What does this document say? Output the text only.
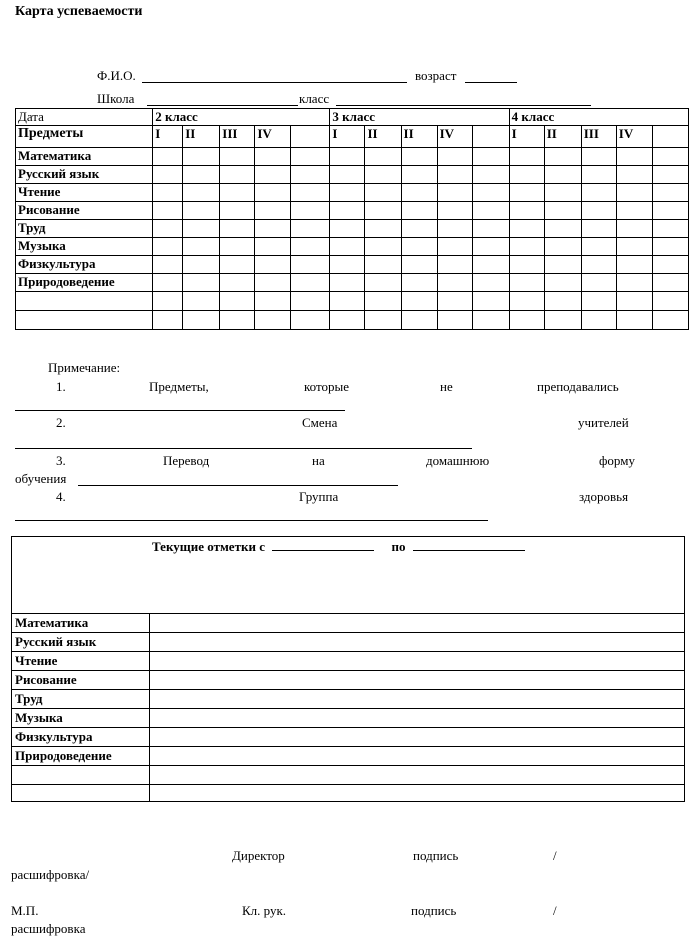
Карта успеваемости
Ф.И.О.	возраст
Школа	класс
Дата	2 класс					3 класс					4 класс				
Предметы	I	II	III	IV		I	II	II	IV		I	II	III	IV	
Математика															
Русский язык															
Чтение															
Рисование															
Труд															
Музыка															
Физкультура															
Природоведение															

Примечание:
1.	Предметы,	которые	не	преподавались
2.	Смена	учителей
3.	Перевод	на	домашнюю	форму
обучения
4.	Группа	здоровья
Текущие отметки с	по
Математика
Русский язык
Чтение
Рисование
Труд
Музыка
Физкультура
Природоведение
Директор	подпись	/
расшифровка/
М.П.	Кл. рук.	подпись	/
расшифровка
